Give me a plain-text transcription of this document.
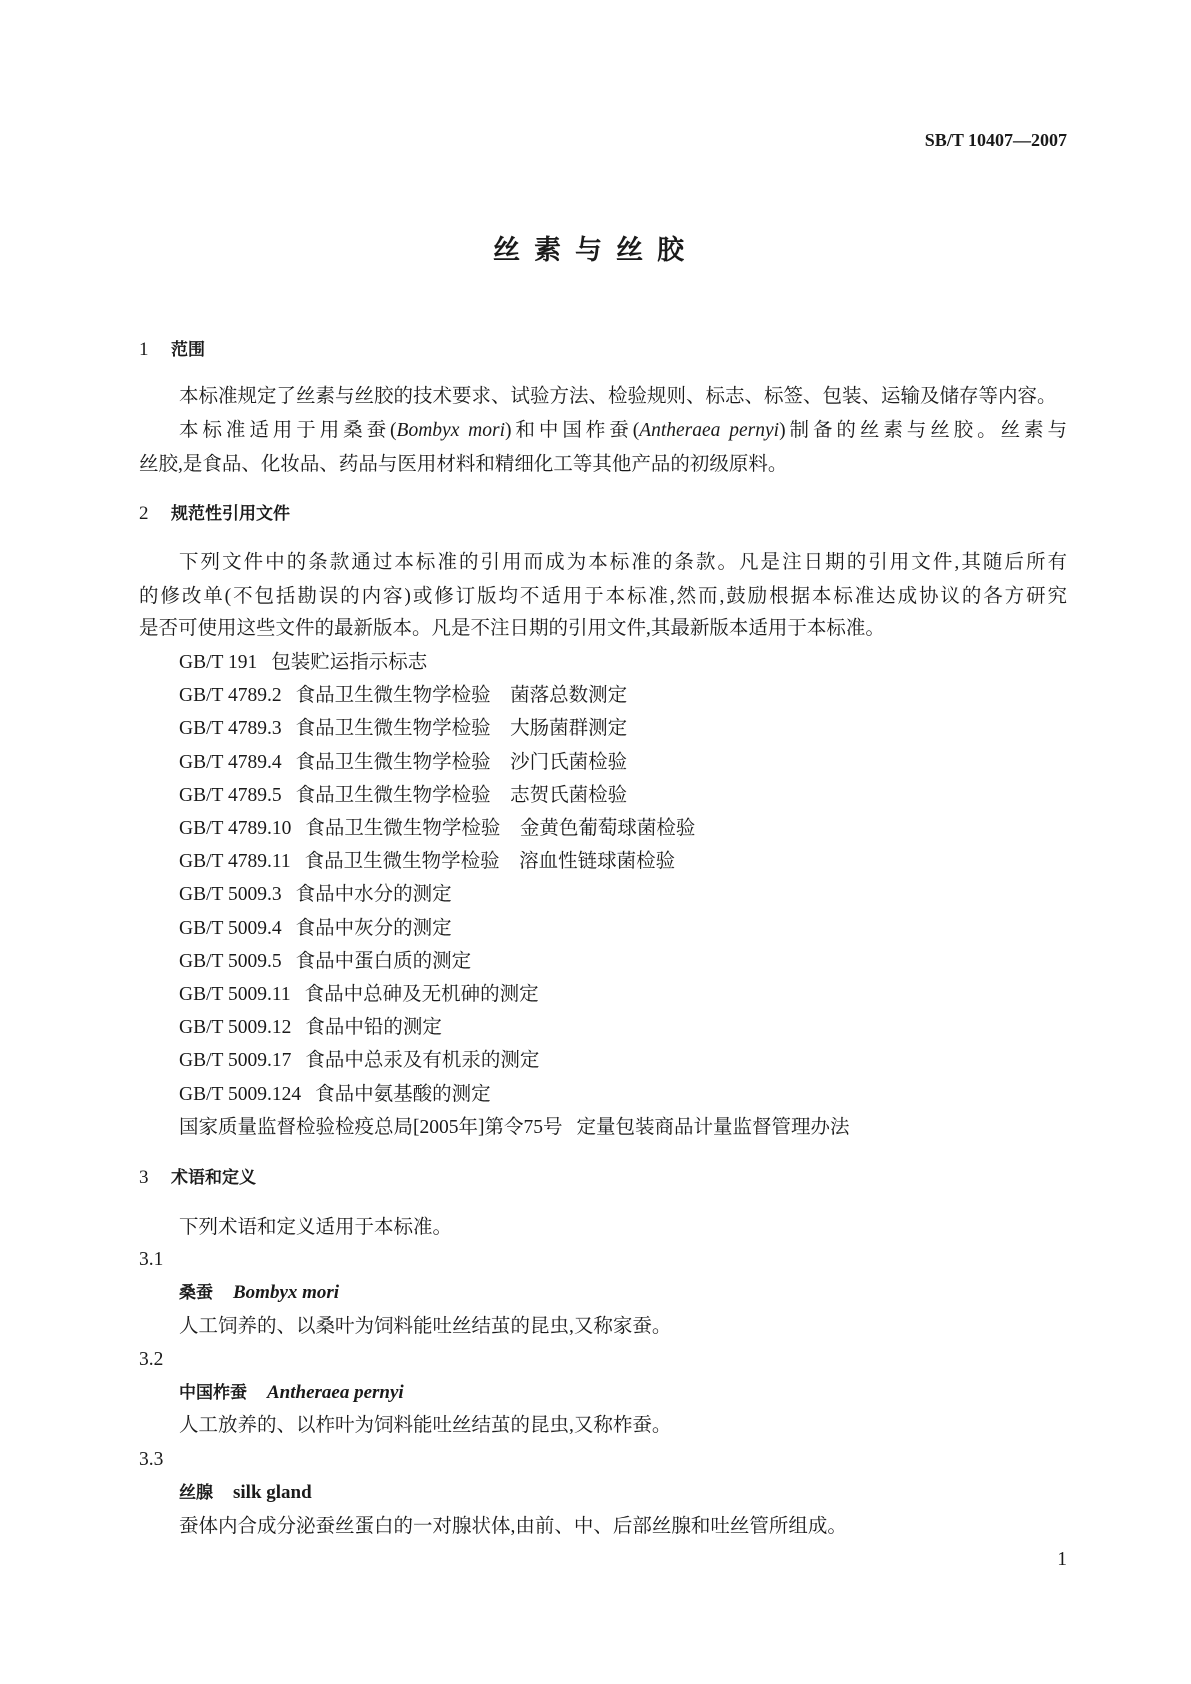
SB/T 10407—2007
丝素与丝胶
1 范围
本标准规定了丝素与丝胶的技术要求、试验方法、检验规则、标志、标签、包装、运输及储存等内容。
本标准适用于用桑蚕(Bombyx mori)和中国柞蚕(Antheraea pernyi)制备的丝素与丝胶。丝素与
丝胶,是食品、化妆品、药品与医用材料和精细化工等其他产品的初级原料。
2 规范性引用文件
下列文件中的条款通过本标准的引用而成为本标准的条款。凡是注日期的引用文件,其随后所有
的修改单(不包括勘误的内容)或修订版均不适用于本标准,然而,鼓励根据本标准达成协议的各方研究
是否可使用这些文件的最新版本。凡是不注日期的引用文件,其最新版本适用于本标准。
GB/T 191 包装贮运指示标志
GB/T 4789.2 食品卫生微生物学检验　菌落总数测定
GB/T 4789.3 食品卫生微生物学检验　大肠菌群测定
GB/T 4789.4 食品卫生微生物学检验　沙门氏菌检验
GB/T 4789.5 食品卫生微生物学检验　志贺氏菌检验
GB/T 4789.10 食品卫生微生物学检验　金黄色葡萄球菌检验
GB/T 4789.11 食品卫生微生物学检验　溶血性链球菌检验
GB/T 5009.3 食品中水分的测定
GB/T 5009.4 食品中灰分的测定
GB/T 5009.5 食品中蛋白质的测定
GB/T 5009.11 食品中总砷及无机砷的测定
GB/T 5009.12 食品中铅的测定
GB/T 5009.17 食品中总汞及有机汞的测定
GB/T 5009.124 食品中氨基酸的测定
国家质量监督检验检疫总局[2005年]第令75号 定量包装商品计量监督管理办法
3 术语和定义
下列术语和定义适用于本标准。
3.1
桑蚕 Bombyx mori
人工饲养的、以桑叶为饲料能吐丝结茧的昆虫,又称家蚕。
3.2
中国柞蚕 Antheraea pernyi
人工放养的、以柞叶为饲料能吐丝结茧的昆虫,又称柞蚕。
3.3
丝腺 silk gland
蚕体内合成分泌蚕丝蛋白的一对腺状体,由前、中、后部丝腺和吐丝管所组成。
1
